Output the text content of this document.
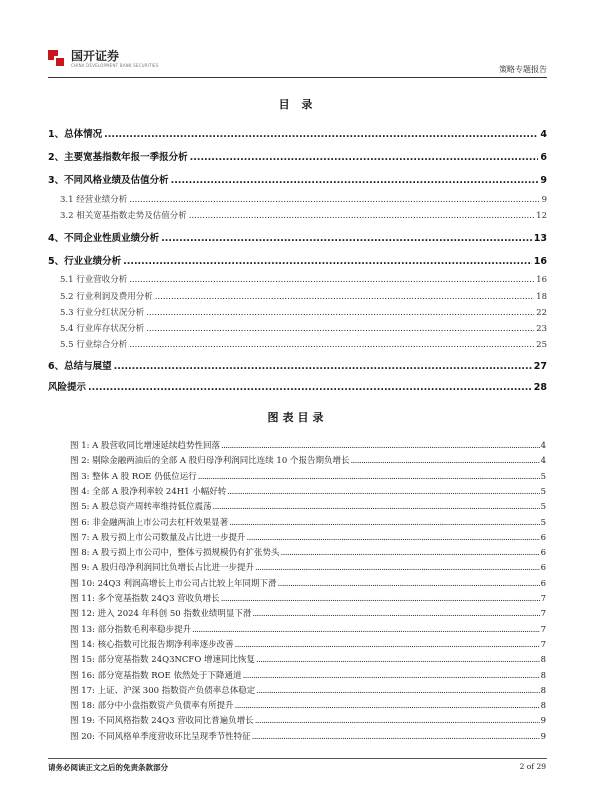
国开证券
CHINA DEVELOPMENT BANK SECURITIES	策略专题报告
目 录
1、总体情况 .....	4
2、主要宽基指数年报一季报分析 .....	6
3、不同风格业绩及估值分析 .....	9
3.1 经营业绩分析 .....	9
3.2 相关宽基指数走势及估值分析 .....	12
4、不同企业性质业绩分析 .....	13
5、行业业绩分析 .....	16
5.1 行业营收分析 .....	16
5.2 行业利润及费用分析 .....	18
5.3 行业分红状况分析 .....	22
5.4 行业库存状况分析 .....	23
5.5 行业综合分析 .....	25
6、总结与展望 .....	27
风险提示 .....	28
图表目录
图 1: A 股营收同比增速延续趋势性回落 .....	4
图 2: 剔除金融两油后的全部 A 股归母净利润同比连续 10 个报告期负增长 .....	4
图 3: 整体 A 股 ROE 仍低位运行 .....	5
图 4: 全部 A 股净利率较 24H1 小幅好转 .....	5
图 5: A 股总资产周转率维持低位震荡 .....	5
图 6: 非金融两油上市公司去杠杆效果显著 .....	5
图 7: A 股亏损上市公司数量及占比进一步提升 .....	6
图 8: A 股亏损上市公司中，整体亏损规模仍有扩张势头 .....	6
图 9: A 股归母净利润同比负增长占比进一步提升 .....	6
图 10: 24Q3 利润高增长上市公司占比较上年同期下滑 .....	6
图 11: 多个宽基指数 24Q3 营收负增长 .....	7
图 12: 进入 2024 年科创 50 指数业绩明显下滑 .....	7
图 13: 部分指数毛利率稳步提升 .....	7
图 14: 核心指数可比报告期净利率逐步改善 .....	7
图 15: 部分宽基指数 24Q3NCFO 增速同比恢复 .....	8
图 16: 部分宽基指数 ROE 依然处于下降通道 .....	8
图 17: 上证、沪深 300 指数资产负债率总体稳定 .....	8
图 18: 部分中小盘指数资产负债率有所提升 .....	8
图 19: 不同风格指数 24Q3 营收同比普遍负增长 .....	9
图 20: 不同风格单季度营收环比呈现季节性特征 .....	9
请务必阅读正文之后的免责条款部分	2 of 29
